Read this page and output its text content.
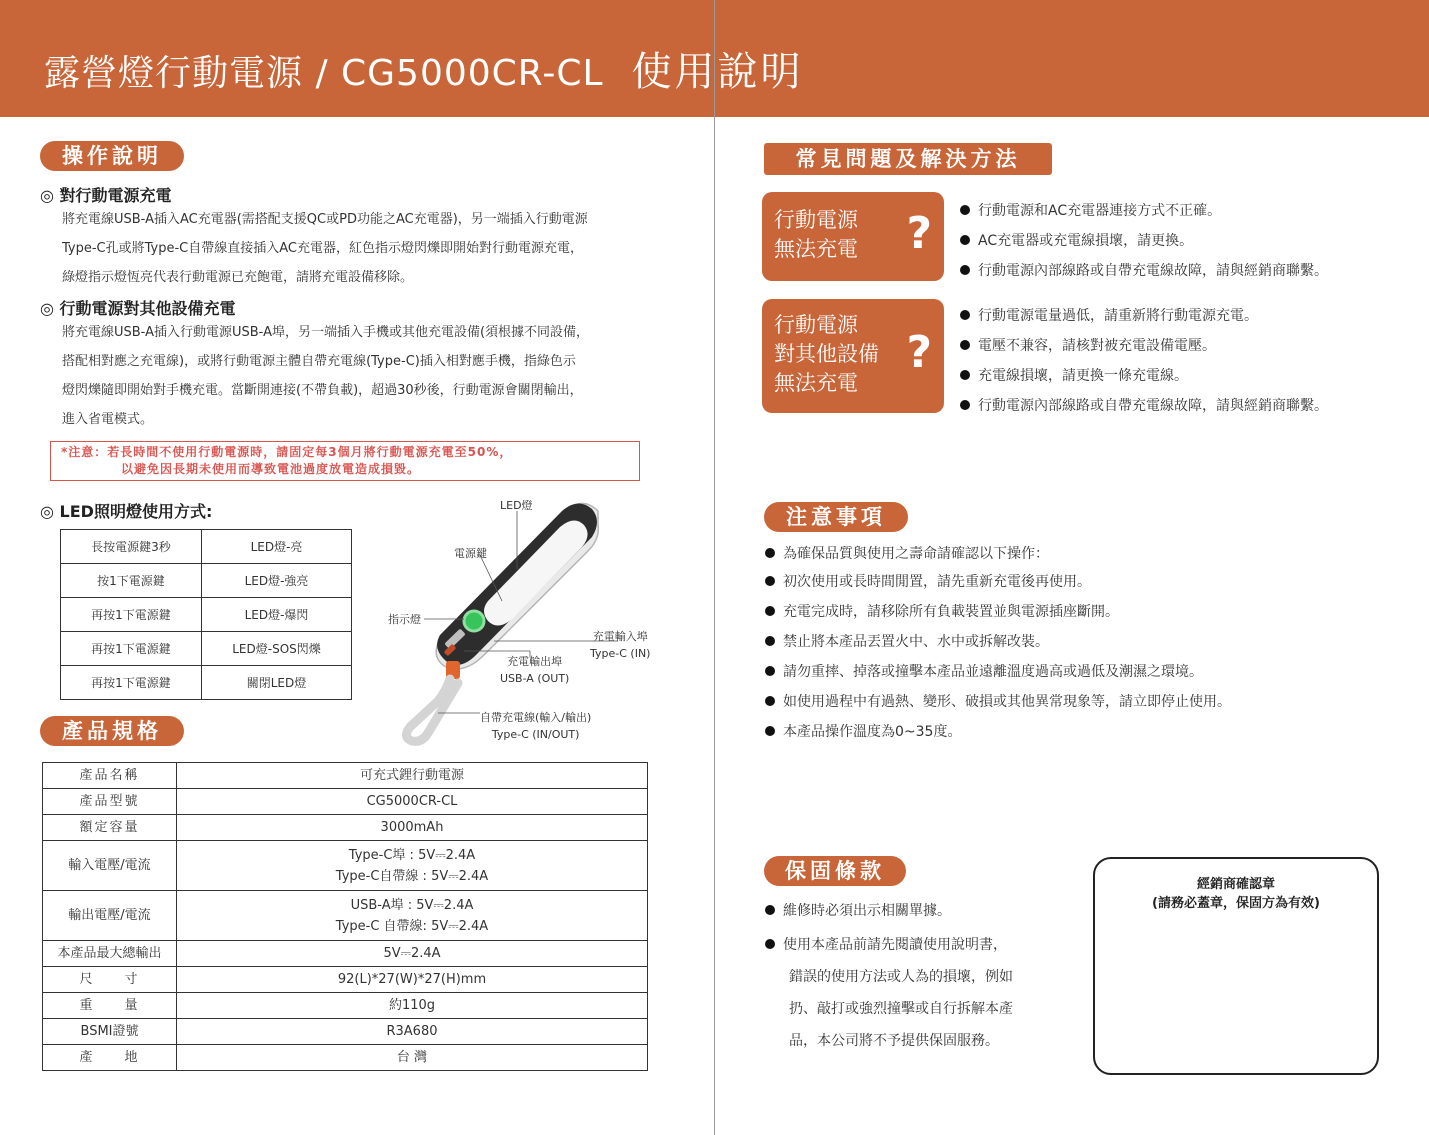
露營燈行動電源 / CG5000CR-CL 使用說明
操作說明
◎ 對行動電源充電
將充電線USB-A插入AC充電器(需搭配支援QC或PD功能之AC充電器)，另一端插入行動電源
Type-C孔或將Type-C自帶線直接插入AC充電器，紅色指示燈閃爍即開始對行動電源充電，
綠燈指示燈恆亮代表行動電源已充飽電，請將充電設備移除。
◎ 行動電源對其他設備充電
將充電線USB-A插入行動電源USB-A埠，另一端插入手機或其他充電設備(須根據不同設備，
搭配相對應之充電線)，或將行動電源主體自帶充電線(Type-C)插入相對應手機，指綠色示
燈閃爍隨即開始對手機充電。當斷開連接(不帶負載)，超過30秒後，行動電源會關閉輸出，
進入省電模式。
*注意：若長時間不使用行動電源時，請固定每3個月將行動電源充電至50%，
以避免因長期未使用而導致電池過度放電造成損毀。
◎ LED照明燈使用方式:
長按電源鍵3秒	LED燈-亮
按1下電源鍵	LED燈-強亮
再按1下電源鍵	LED燈-爆閃
再按1下電源鍵	LED燈-SOS閃爍
再按1下電源鍵	關閉LED燈
LED燈
電源鍵
指示燈
充電輸入埠
Type-C (IN)
充電輸出埠
USB-A (OUT)
自帶充電線(輸入/輸出)
Type-C (IN/OUT)
產品規格
產品名稱	可充式鋰行動電源
產品型號	CG5000CR-CL
額定容量	3000mAh
輸入電壓/電流	Type-C埠 : 5V⎓2.4A
Type-C自帶線 : 5V⎓2.4A

輸出電壓/電流	USB-A埠 : 5V⎓2.4A
Type-C 自帶線: 5V⎓2.4A

本產品最大總輸出	5V⎓2.4A
尺　　寸	92(L)*27(W)*27(H)mm
重　　量	約110g
BSMI證號	R3A680
產　　地	台 灣
常見問題及解決方法
行動電源
無法充電 ?	行動電源和AC充電器連接方式不正確。
AC充電器或充電線損壞，請更換。
行動電源內部線路或自帶充電線故障，請與經銷商聯繫。
行動電源
對其他設備
無法充電
?
行動電源電量過低，請重新將行動電源充電。
電壓不兼容，請核對被充電設備電壓。
充電線損壞，請更換一條充電線。
行動電源內部線路或自帶充電線故障，請與經銷商聯繫。
注意事項
為確保品質與使用之壽命請確認以下操作：
初次使用或長時間閒置，請先重新充電後再使用。
充電完成時，請移除所有負載裝置並與電源插座斷開。
禁止將本產品丟置火中、水中或拆解改裝。
請勿重摔、掉落或撞擊本產品並遠離溫度過高或過低及潮濕之環境。
如使用過程中有過熱、變形、破損或其他異常現象等，請立即停止使用。
本產品操作溫度為0~35度。
保固條款
維修時必須出示相關單據。
使用本產品前請先閱讀使用說明書，
錯誤的使用方法或人為的損壞，例如
扔、敲打或強烈撞擊或自行拆解本產
品，本公司將不予提供保固服務。
經銷商確認章
(請務必蓋章，保固方為有效)
